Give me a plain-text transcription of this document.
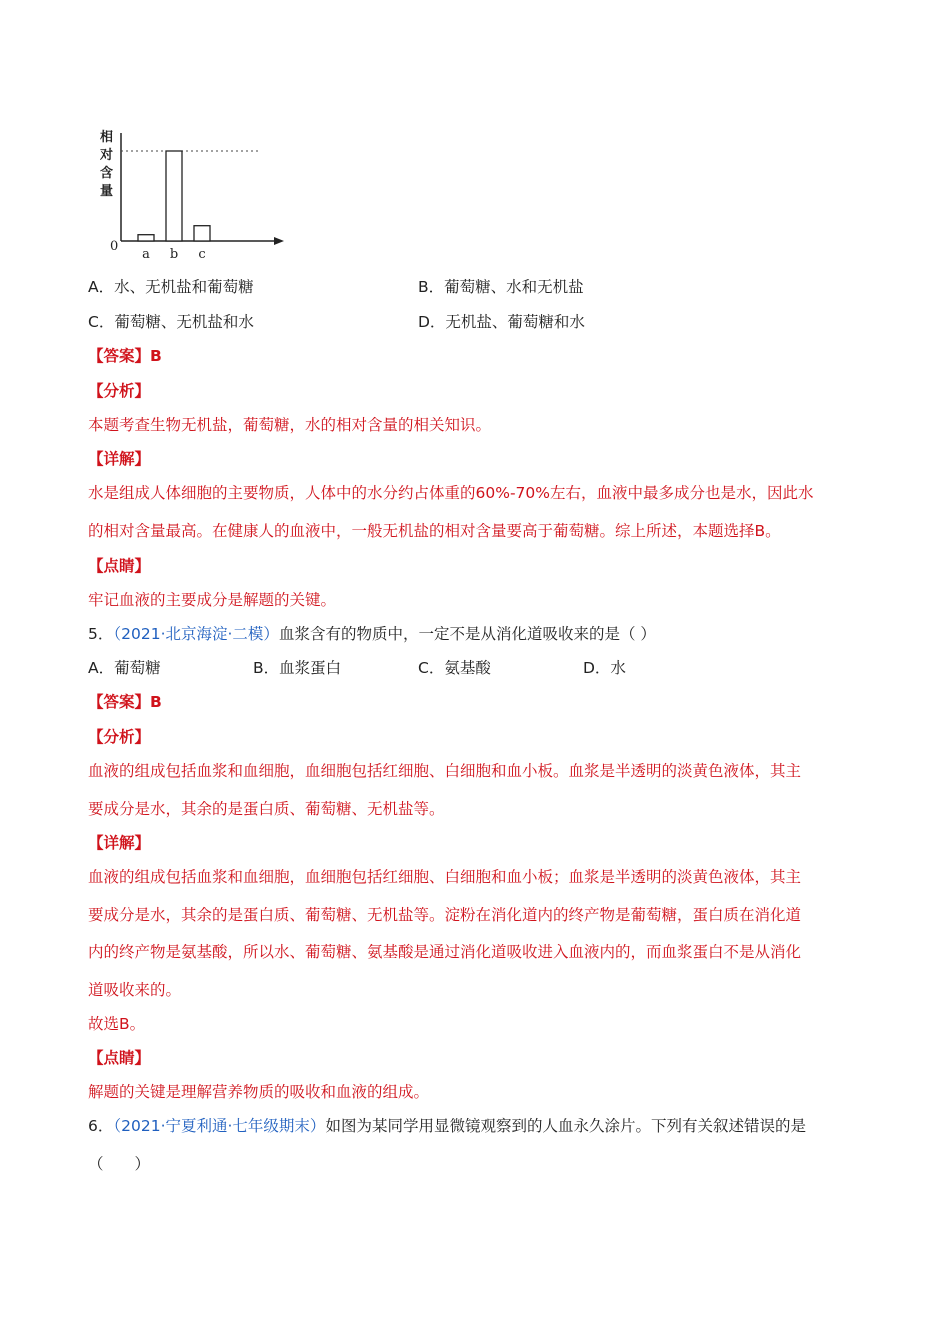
相
对
含
量
0
a b c
A．水、无机盐和葡萄糖	B．葡萄糖、水和无机盐
C．葡萄糖、无机盐和水	D．无机盐、葡萄糖和水
【答案】B
【分析】
本题考查生物无机盐，葡萄糖，水的相对含量的相关知识。
【详解】
水是组成人体细胞的主要物质，人体中的水分约占体重的60%-70%左右，血液中最多成分也是水，因此水
的相对含量最高。在健康人的血液中，一般无机盐的相对含量要高于葡萄糖。综上所述，本题选择B。
【点睛】
牢记血液的主要成分是解题的关键。
5．（2021·北京海淀·二模）血浆含有的物质中，一定不是从消化道吸收来的是（ ）
A．葡萄糖	B．血浆蛋白	C．氨基酸	D．水
【答案】B
【分析】
血液的组成包括血浆和血细胞，血细胞包括红细胞、白细胞和血小板。血浆是半透明的淡黄色液体，其主
要成分是水，其余的是蛋白质、葡萄糖、无机盐等。
【详解】
血液的组成包括血浆和血细胞，血细胞包括红细胞、白细胞和血小板；血浆是半透明的淡黄色液体，其主
要成分是水，其余的是蛋白质、葡萄糖、无机盐等。淀粉在消化道内的终产物是葡萄糖，蛋白质在消化道
内的终产物是氨基酸，所以水、葡萄糖、氨基酸是通过消化道吸收进入血液内的，而血浆蛋白不是从消化
道吸收来的。
故选B。
【点睛】
解题的关键是理解营养物质的吸收和血液的组成。
6．（2021·宁夏利通·七年级期末）如图为某同学用显微镜观察到的人血永久涂片。下列有关叙述错误的是
（　　）
